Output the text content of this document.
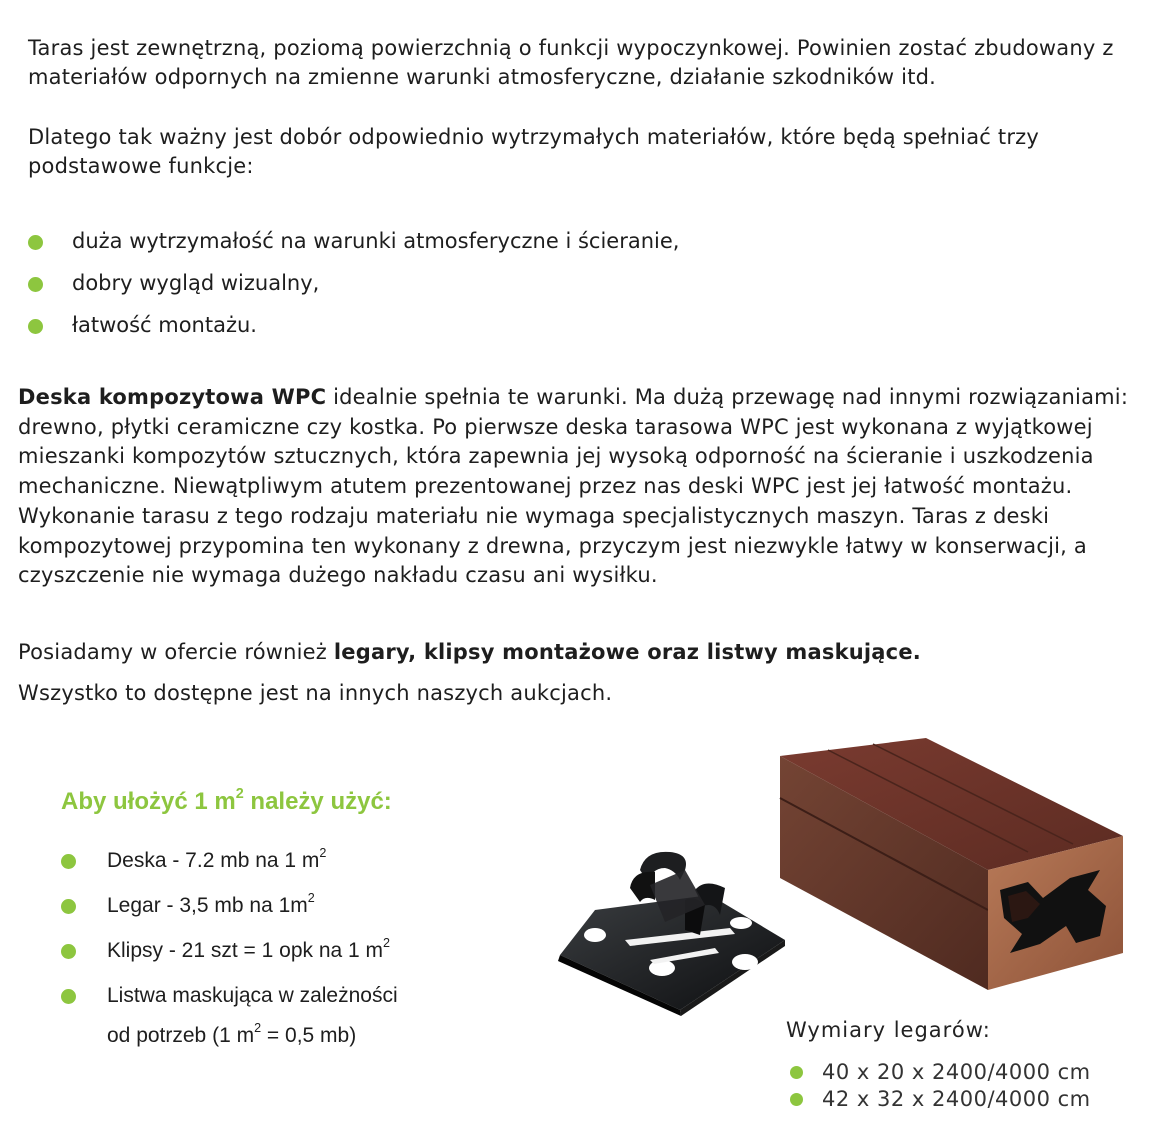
Taras jest zewnętrzną, poziomą powierzchnią o funkcji wypoczynkowej. Powinien zostać zbudowany z materiałów odpornych na zmienne warunki atmosferyczne, działanie szkodników itd.

Dlatego tak ważny jest dobór odpowiednio wytrzymałych materiałów, które będą spełniać trzy podstawowe funkcje:

duża wytrzymałość na warunki atmosferyczne i ścieranie,
dobry wygląd wizualny,
łatwość montażu.

Deska kompozytowa WPC idealnie spełnia te warunki. Ma dużą przewagę nad innymi rozwiązaniami: drewno, płytki ceramiczne czy kostka. Po pierwsze deska tarasowa WPC jest wykonana z wyjątkowej mieszanki kompozytów sztucznych, która zapewnia jej wysoką odporność na ścieranie i uszkodzenia mechaniczne. Niewątpliwym atutem prezentowanej przez nas deski WPC jest jej łatwość montażu. Wykonanie tarasu z tego rodzaju materiału nie wymaga specjalistycznych maszyn. Taras z deski kompozytowej przypomina ten wykonany z drewna, przyczym jest niezwykle łatwy w konserwacji, a czyszczenie nie wymaga dużego nakładu czasu ani wysiłku.

Posiadamy w ofercie również legary, klipsy montażowe oraz listwy maskujące.

Wszystko to dostępne jest na innych naszych aukcjach.

Aby ułożyć 1 $m^2$ należy użyć:
Deska - 7.2 mb na 1 $m^2$
Legar - 3,5 mb na $1m^2$
Klipsy - 21 szt = 1 opk na 1 $m^2$
Listwa maskująca w zależności
od potrzeb (1 $m^2 = 0,5$ mb)	Wymiary legarów:
40 x 20 x 2400/4000 cm
42 x 32 x 2400/4000 cm
